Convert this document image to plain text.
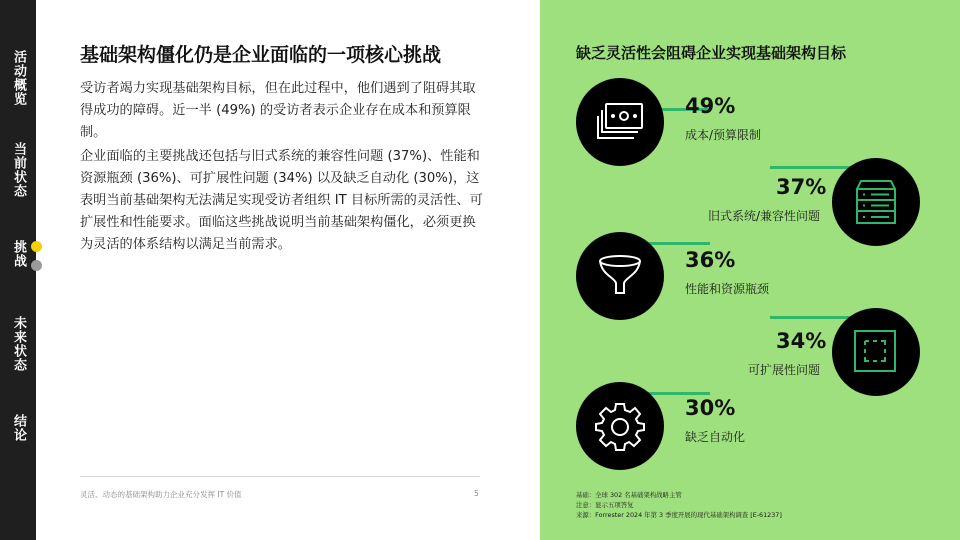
活动概览
当前状态
挑战
未来状态
结论
基础架构僵化仍是企业面临的一项核心挑战
受访者竭力实现基础架构目标，但在此过程中，他们遇到了阻碍其取得成功的障碍。近一半 (49%) 的受访者表示企业存在成本和预算限制。
企业面临的主要挑战还包括与旧式系统的兼容性问题 (37%)、性能和资源瓶颈 (36%)、可扩展性问题 (34%) 以及缺乏自动化 (30%)，这表明当前基础架构无法满足实现受访者组织 IT 目标所需的灵活性、可扩展性和性能要求。面临这些挑战说明当前基础架构僵化，必须更换为灵活的体系结构以满足当前需求。
灵活、动态的基础架构助力企业充分发挥 IT 价值	5
缺乏灵活性会阻碍企业实现基础架构目标
49%
成本/预算限制
37%
旧式系统/兼容性问题
36%
性能和资源瓶颈
34%
可扩展性问题
30%
缺乏自动化
基础：全球 302 名基础架构战略主管
注意：显示五项答复
来源：Forrester 2024 年第 3 季度开展的现代基础架构调查 [E-61237]
